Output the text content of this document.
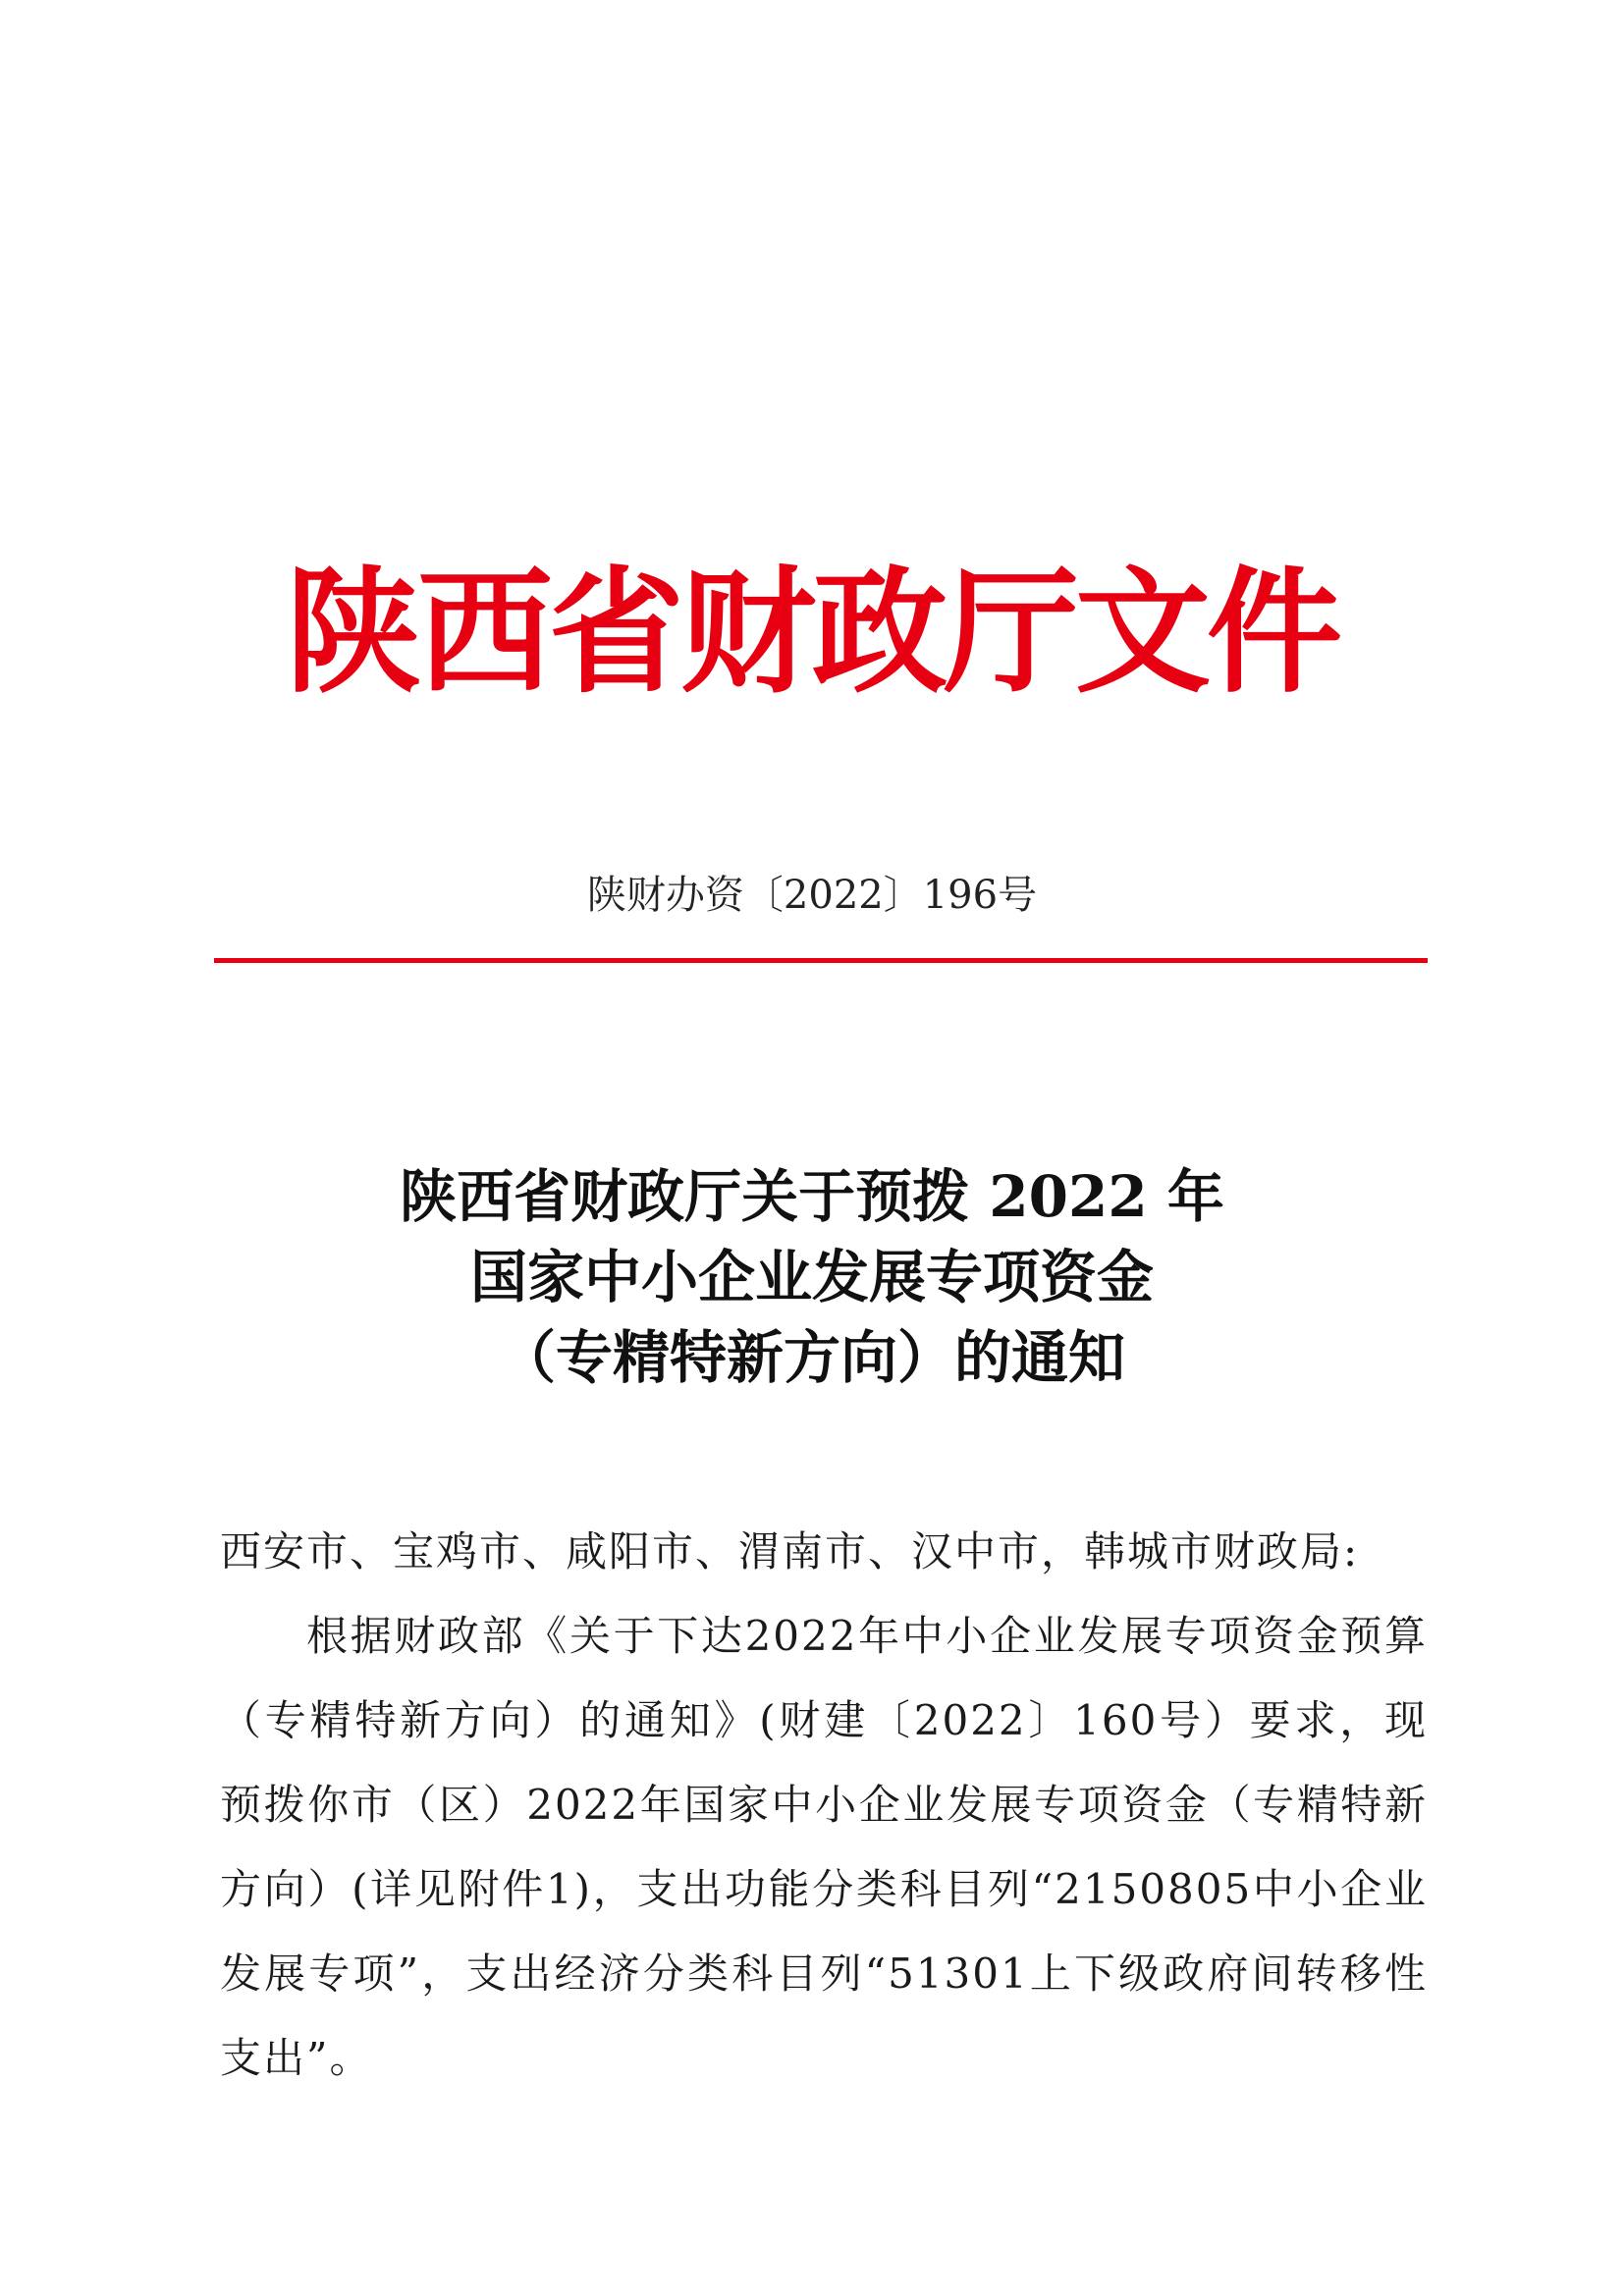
陕西省财政厅文件
陕财办资〔2022〕196号
陕西省财政厅关于预拨 2022 年
国家中小企业发展专项资金
（专精特新方向）的通知
西安市、宝鸡市、咸阳市、渭南市、汉中市，韩城市财政局:
根据财政部《关于下达2022年中小企业发展专项资金预算（专精特新方向）的通知》(财建〔2022〕160号）要求，现预拨你市（区）2022年国家中小企业发展专项资金（专精特新方向）(详见附件1)，支出功能分类科目列“2150805中小企业发展专项”，支出经济分类科目列“51301上下级政府间转移性支出”。
